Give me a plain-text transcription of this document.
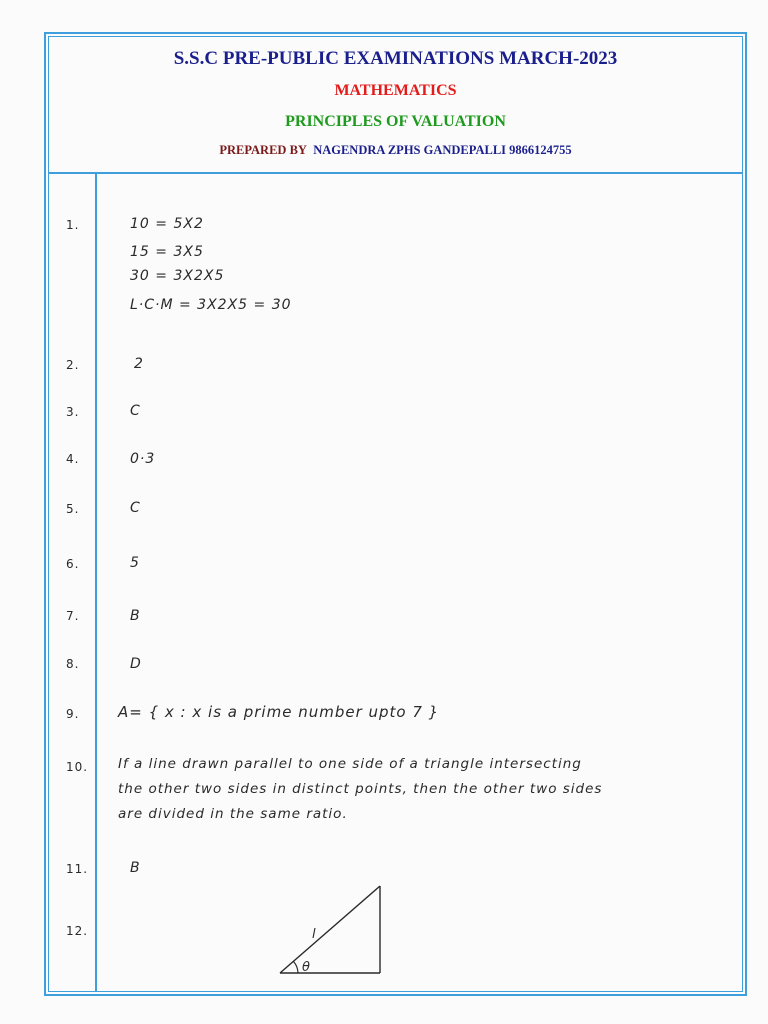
S.S.C PRE-PUBLIC EXAMINATIONS MARCH-2023
MATHEMATICS
PRINCIPLES OF VALUATION
PREPARED BY NAGENDRA ZPHS GANDEPALLI 9866124755
1.	10 = 5X2
15 = 3X5
30 = 3X2X5
L·C·M = 3X2X5 = 30
2.	2
3.	C
4.	0·3
5.	C
6.	5
7.	B
8.	D
9.	A= { x : x is a prime number upto 7 }
10. If a line drawn parallel to one side of a triangle intersecting
the other two sides in distinct points, then the other two sides
are divided in the same ratio.
11.	B
12.	l
θ
